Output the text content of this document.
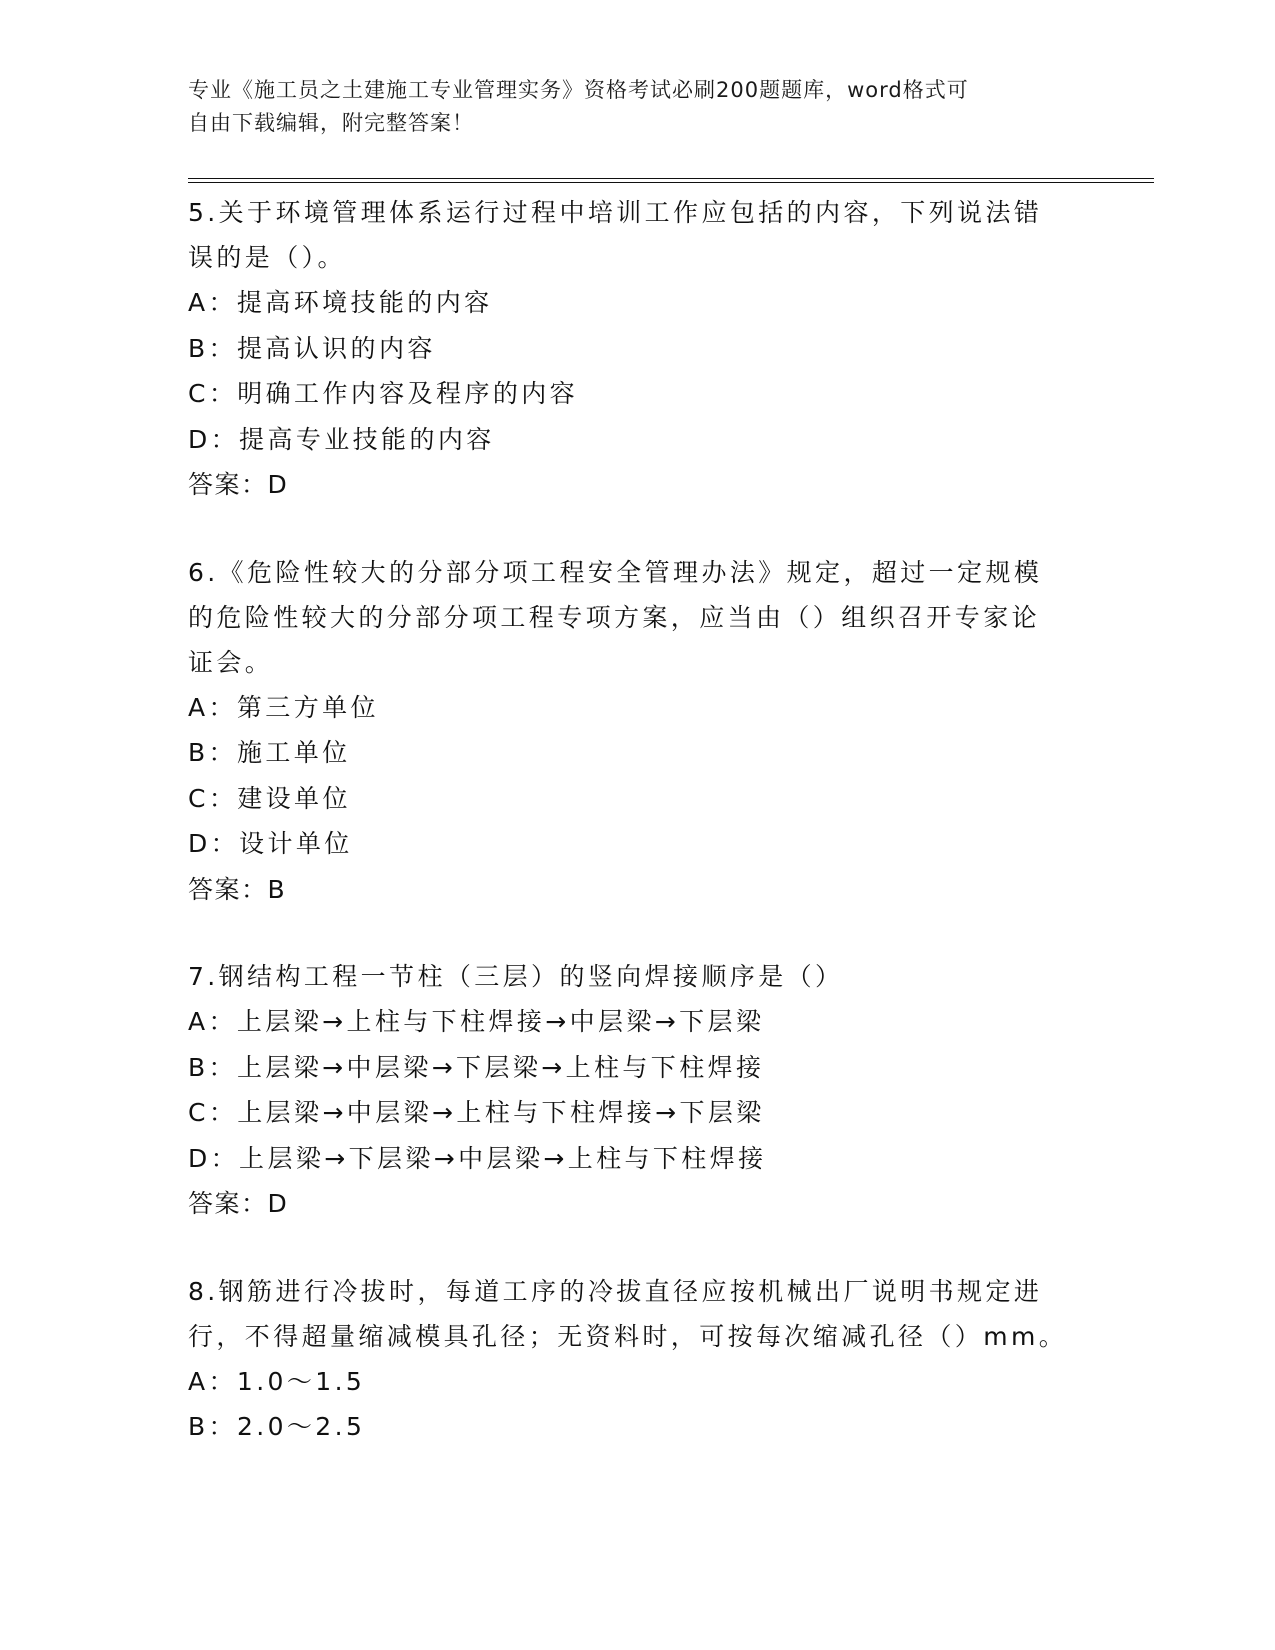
专业《施工员之土建施工专业管理实务》资格考试必刷200题题库，word格式可
自由下载编辑，附完整答案！
5.关于环境管理体系运行过程中培训工作应包括的内容，下列说法错
误的是（）。
A：提高环境技能的内容
B：提高认识的内容
C：明确工作内容及程序的内容
D：提高专业技能的内容
答案：D
6.《危险性较大的分部分项工程安全管理办法》规定，超过一定规模
的危险性较大的分部分项工程专项方案，应当由（）组织召开专家论
证会。
A：第三方单位
B：施工单位
C：建设单位
D：设计单位
答案：B
7.钢结构工程一节柱（三层）的竖向焊接顺序是（）
A：上层梁→上柱与下柱焊接→中层梁→下层梁
B：上层梁→中层梁→下层梁→上柱与下柱焊接
C：上层梁→中层梁→上柱与下柱焊接→下层梁
D：上层梁→下层梁→中层梁→上柱与下柱焊接
答案：D
8.钢筋进行冷拔时，每道工序的冷拔直径应按机械出厂说明书规定进
行，不得超量缩减模具孔径；无资料时，可按每次缩减孔径（）mm。
A：1.0～1.5
B：2.0～2.5
